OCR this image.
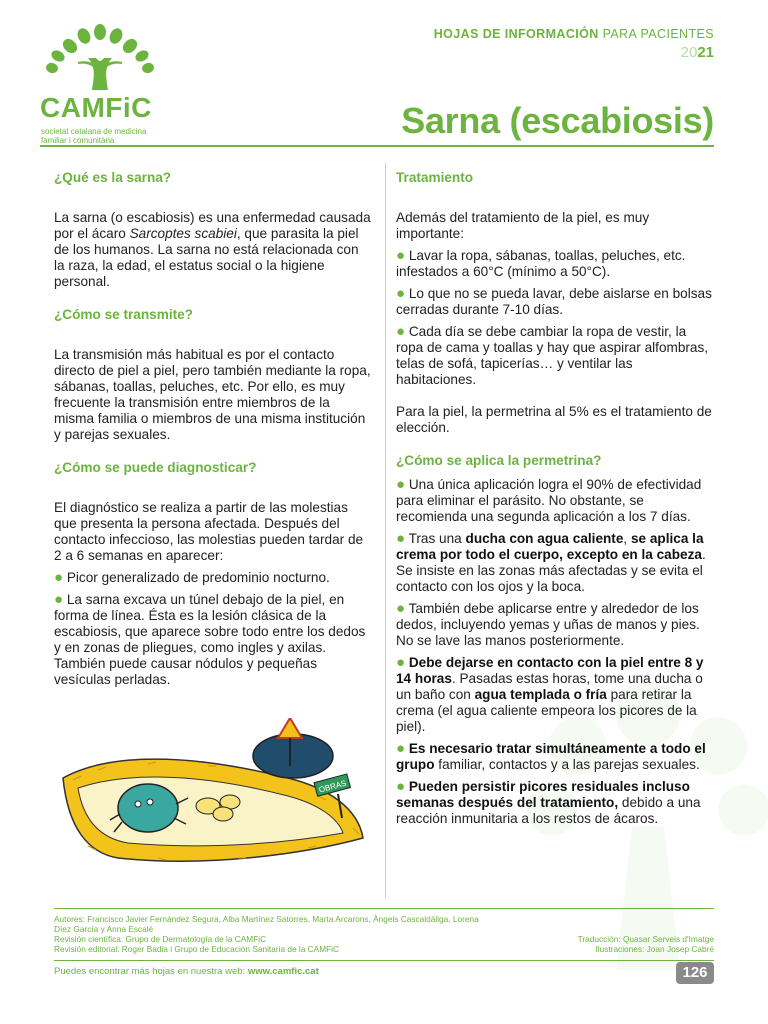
CAMFiC
societat catalana de medicina familiar i comunitària
HOJAS DE INFORMACIÓN PARA PACIENTES
2021
Sarna (escabiosis)
¿Qué es la sarna?
La sarna (o escabiosis) es una enfermedad causada por el ácaro Sarcoptes scabiei, que parasita la piel de los humanos. La sarna no está relacionada con la raza, la edad, el estatus social o la higiene personal.
¿Cómo se transmite?
La transmisión más habitual es por el contacto directo de piel a piel, pero también mediante la ropa, sábanas, toallas, peluches, etc. Por ello, es muy frecuente la transmisión entre miembros de la misma familia o miembros de una misma institución y parejas sexuales.
¿Cómo se puede diagnosticar?
El diagnóstico se realiza a partir de las molestias que presenta la persona afectada. Después del contacto infeccioso, las molestias pueden tardar de 2 a 6 semanas en aparecer:
● Picor generalizado de predominio nocturno.
● La sarna excava un túnel debajo de la piel, en forma de línea. Ésta es la lesión clásica de la escabiosis, que aparece sobre todo entre los dedos y en zonas de pliegues, como ingles y axilas. También puede causar nódulos y pequeñas vesículas perladas.
OBRAS
Tratamiento
Además del tratamiento de la piel, es muy importante:
● Lavar la ropa, sábanas, toallas, peluches, etc. infestados a 60°C (mínimo a 50°C).
● Lo que no se pueda lavar, debe aislarse en bolsas cerradas durante 7-10 días.
● Cada día se debe cambiar la ropa de vestir, la ropa de cama y toallas y hay que aspirar alfombras, telas de sofá, tapicerías… y ventilar las habitaciones.
Para la piel, la permetrina al 5% es el tratamiento de elección.
¿Cómo se aplica la permetrina?
● Una única aplicación logra el 90% de efectividad para eliminar el parásito. No obstante, se recomienda una segunda aplicación a los 7 días.
● Tras una ducha con agua caliente, se aplica la crema por todo el cuerpo, excepto en la cabeza. Se insiste en las zonas más afectadas y se evita el contacto con los ojos y la boca.
● También debe aplicarse entre y alrededor de los dedos, incluyendo yemas y uñas de manos y pies. No se lave las manos posteriormente.
● Debe dejarse en contacto con la piel entre 8 y 14 horas. Pasadas estas horas, tome una ducha o un baño con agua templada o fría para retirar la crema (el agua caliente empeora los picores de la piel).
● Es necesario tratar simultáneamente a todo el grupo familiar, contactos y a las parejas sexuales.
● Pueden persistir picores residuales incluso semanas después del tratamiento, debido a una reacción inmunitaria a los restos de ácaros.
Autores: Francisco Javier Fernández Segura, Alba Martínez Satorres, Marta Arcarons, Àngels Cascaldàliga, Lorena Díez García y Anna Escalé
Revisión científica: Grupo de Dermatología de la CAMFiC
Revisión editorial: Roger Badia i Grupo de Educación Sanitaria de la CAMFiC
Traducción: Quasar Serveis d'Imatge
Ilustraciones: Joan Josep Cabré
Puedes encontrar más hojas en nuestra web: www.camfic.cat	126
